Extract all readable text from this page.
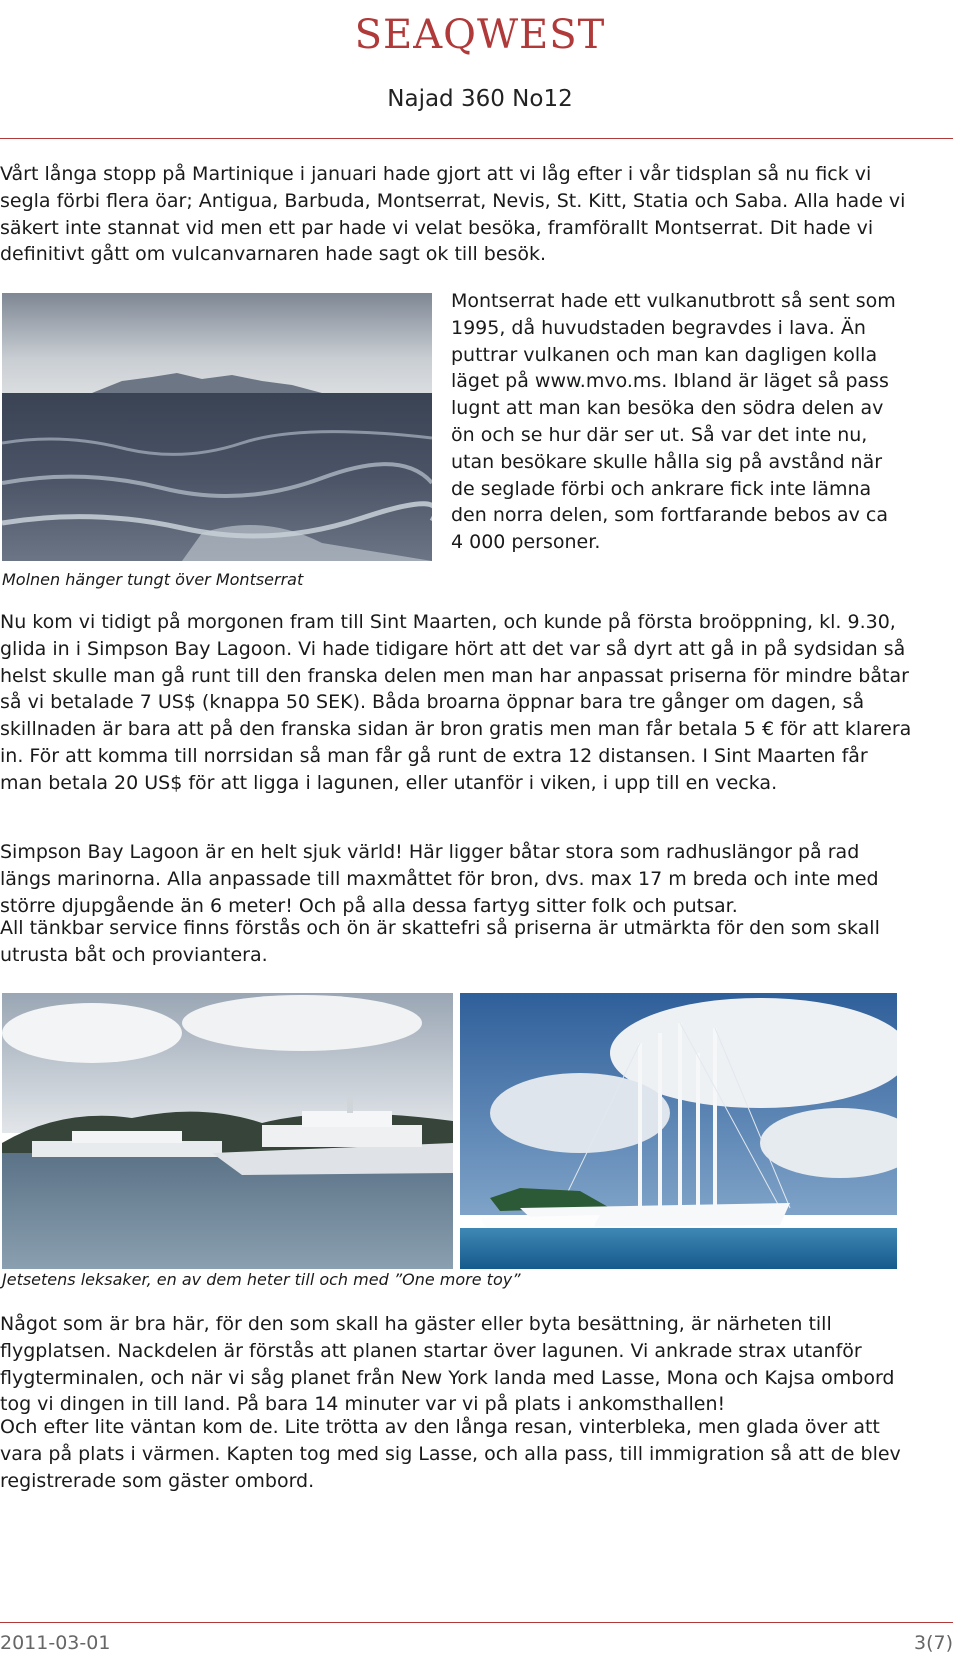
SEAQWEST
Najad 360 No12

Vårt långa stopp på Martinique i januari hade gjort att vi låg efter i vår tidsplan så nu fick vi segla förbi flera öar; Antigua, Barbuda, Montserrat, Nevis, St. Kitt, Statia och Saba. Alla hade vi säkert inte stannat vid men ett par hade vi velat besöka, framförallt Montserrat. Dit hade vi definitivt gått om vulcanvarnaren hade sagt ok till besök.

Molnen hänger tungt över Montserrat

Montserrat hade ett vulkanutbrott så sent som 1995, då huvudstaden begravdes i lava. Än puttrar vulkanen och man kan dagligen kolla läget på www.mvo.ms. Ibland är läget så pass lugnt att man kan besöka den södra delen av ön och se hur där ser ut. Så var det inte nu, utan besökare skulle hålla sig på avstånd när de seglade förbi och ankrare fick inte lämna den norra delen, som fortfarande bebos av ca 4 000 personer.

Nu kom vi tidigt på morgonen fram till Sint Maarten, och kunde på första broöppning, kl. 9.30, glida in i Simpson Bay Lagoon. Vi hade tidigare hört att det var så dyrt att gå in på sydsidan så helst skulle man gå runt till den franska delen men man har anpassat priserna för mindre båtar så vi betalade 7 US$ (knappa 50 SEK). Båda broarna öppnar bara tre gånger om dagen, så skillnaden är bara att på den franska sidan är bron gratis men man får betala 5 € för att klarera in. För att komma till norrsidan så man får gå runt de extra 12 distansen. I Sint Maarten får man betala 20 US$ för att ligga i lagunen, eller utanför i viken, i upp till en vecka.

Simpson Bay Lagoon är en helt sjuk värld! Här ligger båtar stora som radhuslängor på rad längs marinorna. Alla anpassade till maxmåttet för bron, dvs. max 17 m breda och inte med större djupgående än 6 meter! Och på alla dessa fartyg sitter folk och putsar.

All tänkbar service finns förstås och ön är skattefri så priserna är utmärkta för den som skall utrusta båt och proviantera.

Jetsetens leksaker, en av dem heter till och med ”One more toy”

Något som är bra här, för den som skall ha gäster eller byta besättning, är närheten till flygplatsen. Nackdelen är förstås att planen startar över lagunen. Vi ankrade strax utanför flygterminalen, och när vi såg planet från New York landa med Lasse, Mona och Kajsa ombord tog vi dingen in till land. På bara 14 minuter var vi på plats i ankomsthallen!

Och efter lite väntan kom de. Lite trötta av den långa resan, vinterbleka, men glada över att vara på plats i värmen. Kapten tog med sig Lasse, och alla pass, till immigration så att de blev registrerade som gäster ombord.

2011-03-01	3(7)
